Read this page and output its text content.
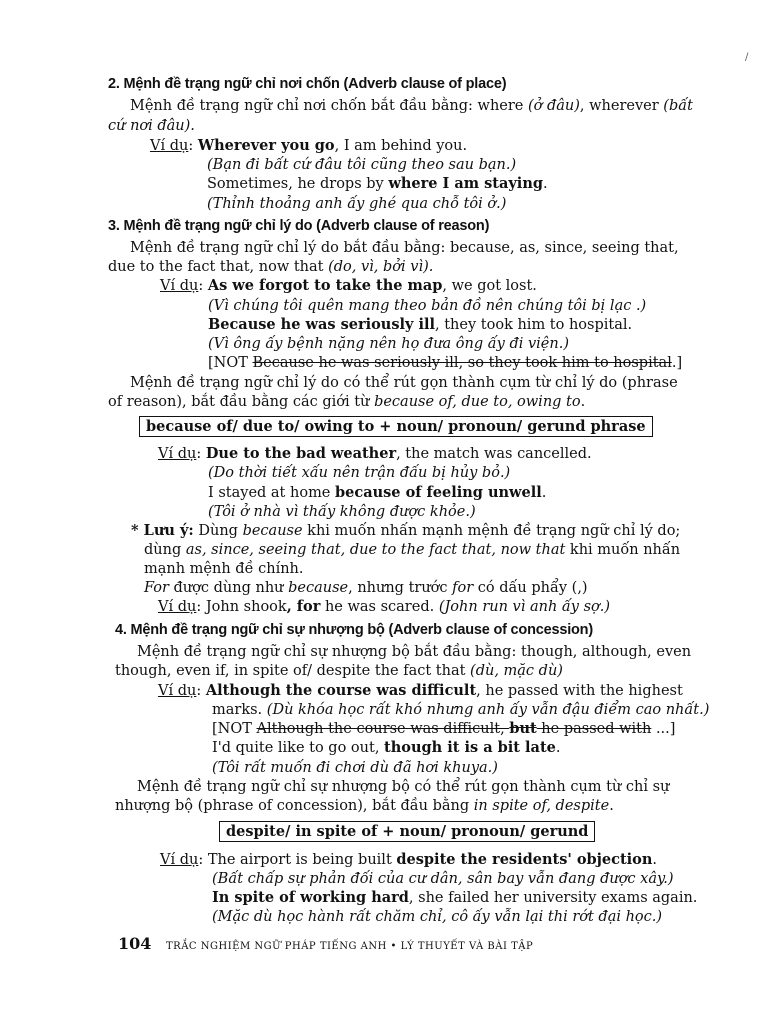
/
2. Mệnh đề trạng ngữ chỉ nơi chốn (Adverb clause of place)
Mệnh đề trạng ngữ chỉ nơi chốn bắt đầu bằng: where (ở đâu), wherever (bất
cứ nơi đâu).
Ví dụ: Wherever you go, I am behind you.
(Bạn đi bất cứ đâu tôi cũng theo sau bạn.)
Sometimes, he drops by where I am staying.
(Thỉnh thoảng anh ấy ghé qua chỗ tôi ở.)
3. Mệnh đề trạng ngữ chỉ lý do (Adverb clause of reason)
Mệnh đề trạng ngữ chỉ lý do bắt đầu bằng: because, as, since, seeing that,
due to the fact that, now that (do, vì, bởi vì).
Ví dụ: As we forgot to take the map, we got lost.
(Vì chúng tôi quên mang theo bản đồ nên chúng tôi bị lạc .)
Because he was seriously ill, they took him to hospital.
(Vì ông ấy bệnh nặng nên họ đưa ông ấy đi viện.)
[NOT Because he was seriously ill, so they took him to hospital.]
Mệnh đề trạng ngữ chỉ lý do có thể rút gọn thành cụm từ chỉ lý do (phrase
of reason), bắt đầu bằng các giới từ because of, due to, owing to.
because of/ due to/ owing to + noun/ pronoun/ gerund phrase
Ví dụ: Due to the bad weather, the match was cancelled.
(Do thời tiết xấu nên trận đấu bị hủy bỏ.)
I stayed at home because of feeling unwell.
(Tôi ở nhà vì thấy không được khỏe.)
* Lưu ý: Dùng because khi muốn nhấn mạnh mệnh đề trạng ngữ chỉ lý do;
dùng as, since, seeing that, due to the fact that, now that khi muốn nhấn
mạnh mệnh đề chính.
For được dùng như because, nhưng trước for có dấu phẩy (,)
Ví dụ: John shook, for he was scared. (John run vì anh ấy sợ.)
4. Mệnh đề trạng ngữ chỉ sự nhượng bộ (Adverb clause of concession)
Mệnh đề trạng ngữ chỉ sự nhượng bộ bắt đầu bằng: though, although, even
though, even if, in spite of/ despite the fact that (dù, mặc dù)
Ví dụ: Although the course was difficult, he passed with the highest
marks. (Dù khóa học rất khó nhưng anh ấy vẫn đậu điểm cao nhất.)
[NOT Although the course was difficult, but he passed with ...]
I'd quite like to go out, though it is a bit late.
(Tôi rất muốn đi chơi dù đã hơi khuya.)
Mệnh đề trạng ngữ chỉ sự nhượng bộ có thể rút gọn thành cụm từ chỉ sự
nhượng bộ (phrase of concession), bắt đầu bằng in spite of, despite.
despite/ in spite of + noun/ pronoun/ gerund
Ví dụ: The airport is being built despite the residents' objection.
(Bất chấp sự phản đối của cư dân, sân bay vẫn đang được xây.)
In spite of working hard, she failed her university exams again.
(Mặc dù học hành rất chăm chỉ, cô ấy vẫn lại thi rớt đại học.)
104 TRẮC NGHIỆM NGỮ PHÁP TIẾNG ANH • LÝ THUYẾT VÀ BÀI TẬP
